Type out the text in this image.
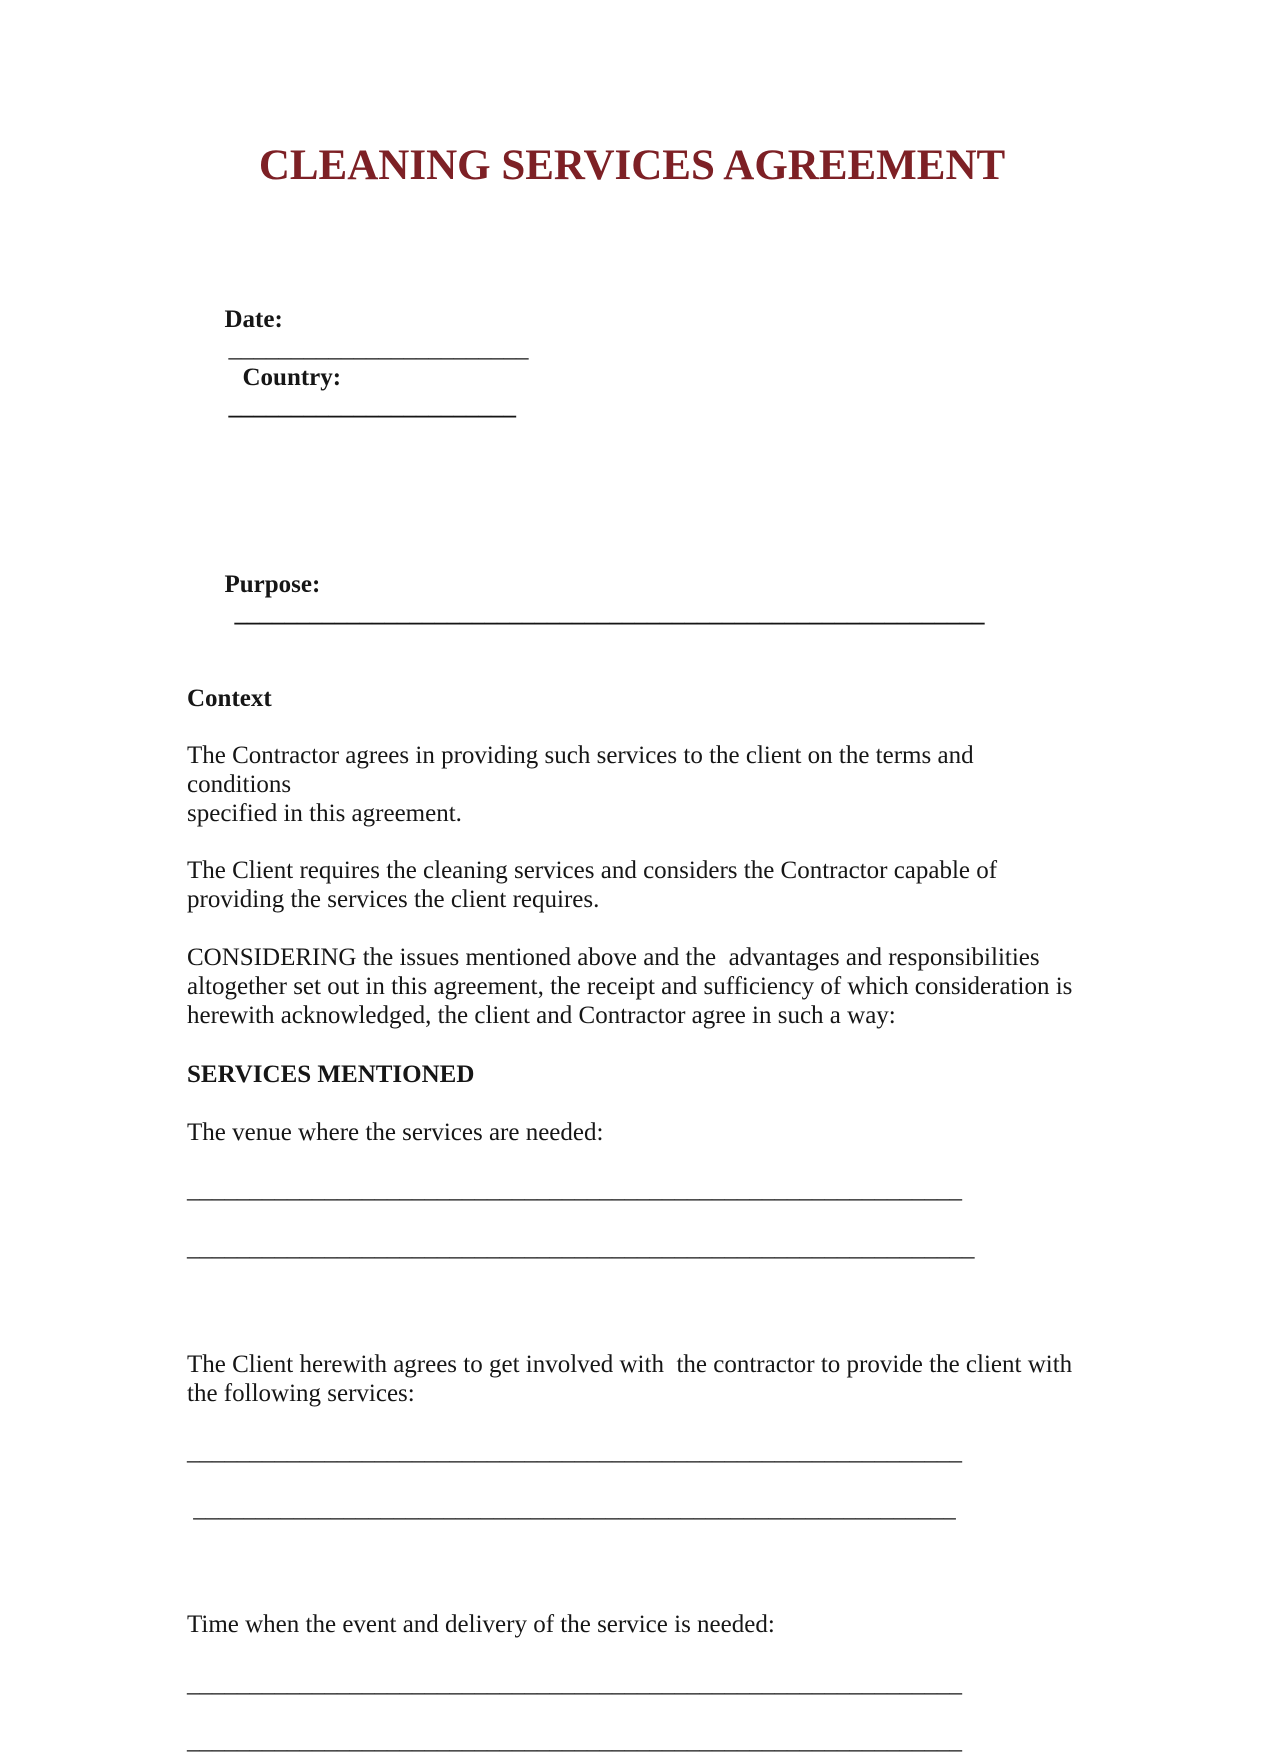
CLEANING SERVICES AGREEMENT

Date:
________________________
Country:
_______________________

Purpose:
____________________________________________________________

Context
The Contractor agrees in providing such services to the client on the terms and conditions
specified in this agreement.
The Client requires the cleaning services and considers the Contractor capable of
providing the services the client requires.
CONSIDERING the issues mentioned above and the  advantages and responsibilities
altogether set out in this agreement, the receipt and sufficiency of which consideration is
herewith acknowledged, the client and Contractor agree in such a way:
SERVICES MENTIONED
The venue where the services are needed:
______________________________________________________________
_______________________________________________________________
The Client herewith agrees to get involved with  the contractor to provide the client with
the following services:
______________________________________________________________
_____________________________________________________________
Time when the event and delivery of the service is needed:
______________________________________________________________
______________________________________________________________
